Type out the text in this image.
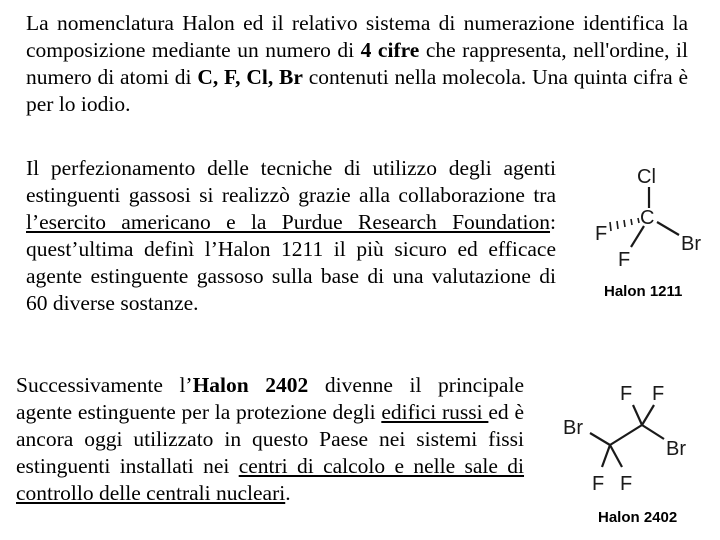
La nomenclatura Halon ed il relativo sistema di numerazione identifica la composizione mediante un numero di 4 cifre che rappresenta, nell'ordine, il numero di atomi di C, F, Cl, Br contenuti nella molecola. Una quinta cifra è per lo iodio.
Il perfezionamento delle tecniche di utilizzo degli agenti estinguenti gassosi si realizzò grazie alla collaborazione tra l’esercito americano e la Purdue Research Foundation: quest’ultima definì l’Halon 1211 il più sicuro ed efficace agente estinguente gassoso sulla base di una valutazione di 60 diverse sostanze.
Successivamente l’Halon 2402 divenne il principale agente estinguente per la protezione degli edifici russi ed è ancora oggi utilizzato in questo Paese nei sistemi fissi estinguenti installati nei centri di calcolo e nelle sale di controllo delle centrali nucleari.
Cl
C
F	Br
F
Halon 1211
F F
Br
Br
F F
Halon 2402
